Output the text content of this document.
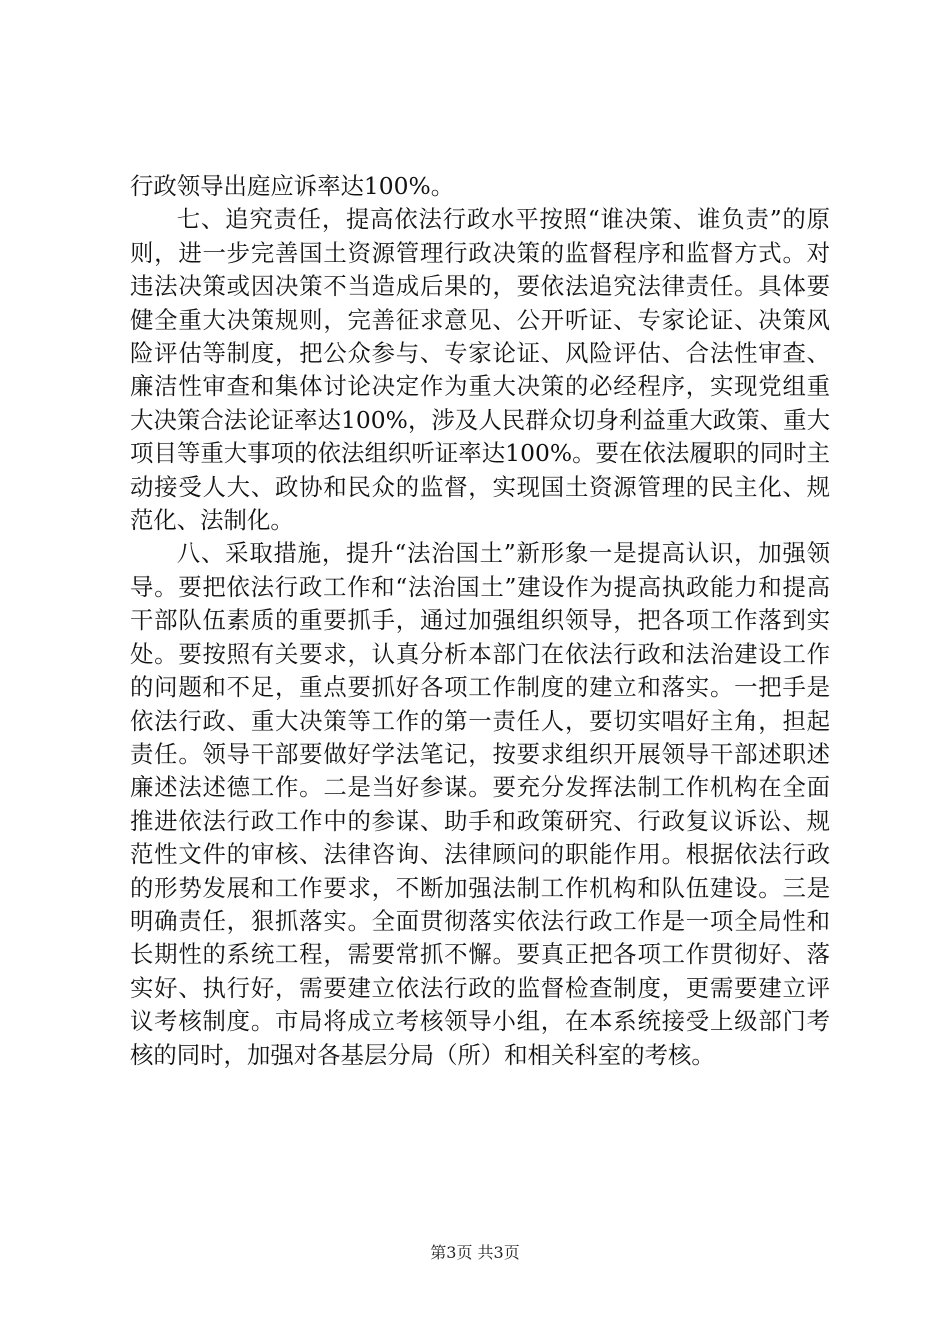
行政领导出庭应诉率达100%。

七、追究责任，提高依法行政水平按照“谁决策、谁负责”的原则，进一步完善国土资源管理行政决策的监督程序和监督方式。对违法决策或因决策不当造成后果的，要依法追究法律责任。具体要健全重大决策规则，完善征求意见、公开听证、专家论证、决策风险评估等制度，把公众参与、专家论证、风险评估、合法性审查、廉洁性审查和集体讨论决定作为重大决策的必经程序，实现党组重大决策合法论证率达100%，涉及人民群众切身利益重大政策、重大项目等重大事项的依法组织听证率达100%。要在依法履职的同时主动接受人大、政协和民众的监督，实现国土资源管理的民主化、规范化、法制化。

八、采取措施，提升“法治国土”新形象一是提高认识，加强领导。要把依法行政工作和“法治国土”建设作为提高执政能力和提高干部队伍素质的重要抓手，通过加强组织领导，把各项工作落到实处。要按照有关要求，认真分析本部门在依法行政和法治建设工作的问题和不足，重点要抓好各项工作制度的建立和落实。一把手是依法行政、重大决策等工作的第一责任人，要切实唱好主角，担起责任。领导干部要做好学法笔记，按要求组织开展领导干部述职述廉述法述德工作。二是当好参谋。要充分发挥法制工作机构在全面推进依法行政工作中的参谋、助手和政策研究、行政复议诉讼、规范性文件的审核、法律咨询、法律顾问的职能作用。根据依法行政的形势发展和工作要求，不断加强法制工作机构和队伍建设。三是明确责任，狠抓落实。全面贯彻落实依法行政工作是一项全局性和长期性的系统工程，需要常抓不懈。要真正把各项工作贯彻好、落实好、执行好，需要建立依法行政的监督检查制度，更需要建立评议考核制度。市局将成立考核领导小组，在本系统接受上级部门考核的同时，加强对各基层分局（所）和相关科室的考核。

第3页 共3页
